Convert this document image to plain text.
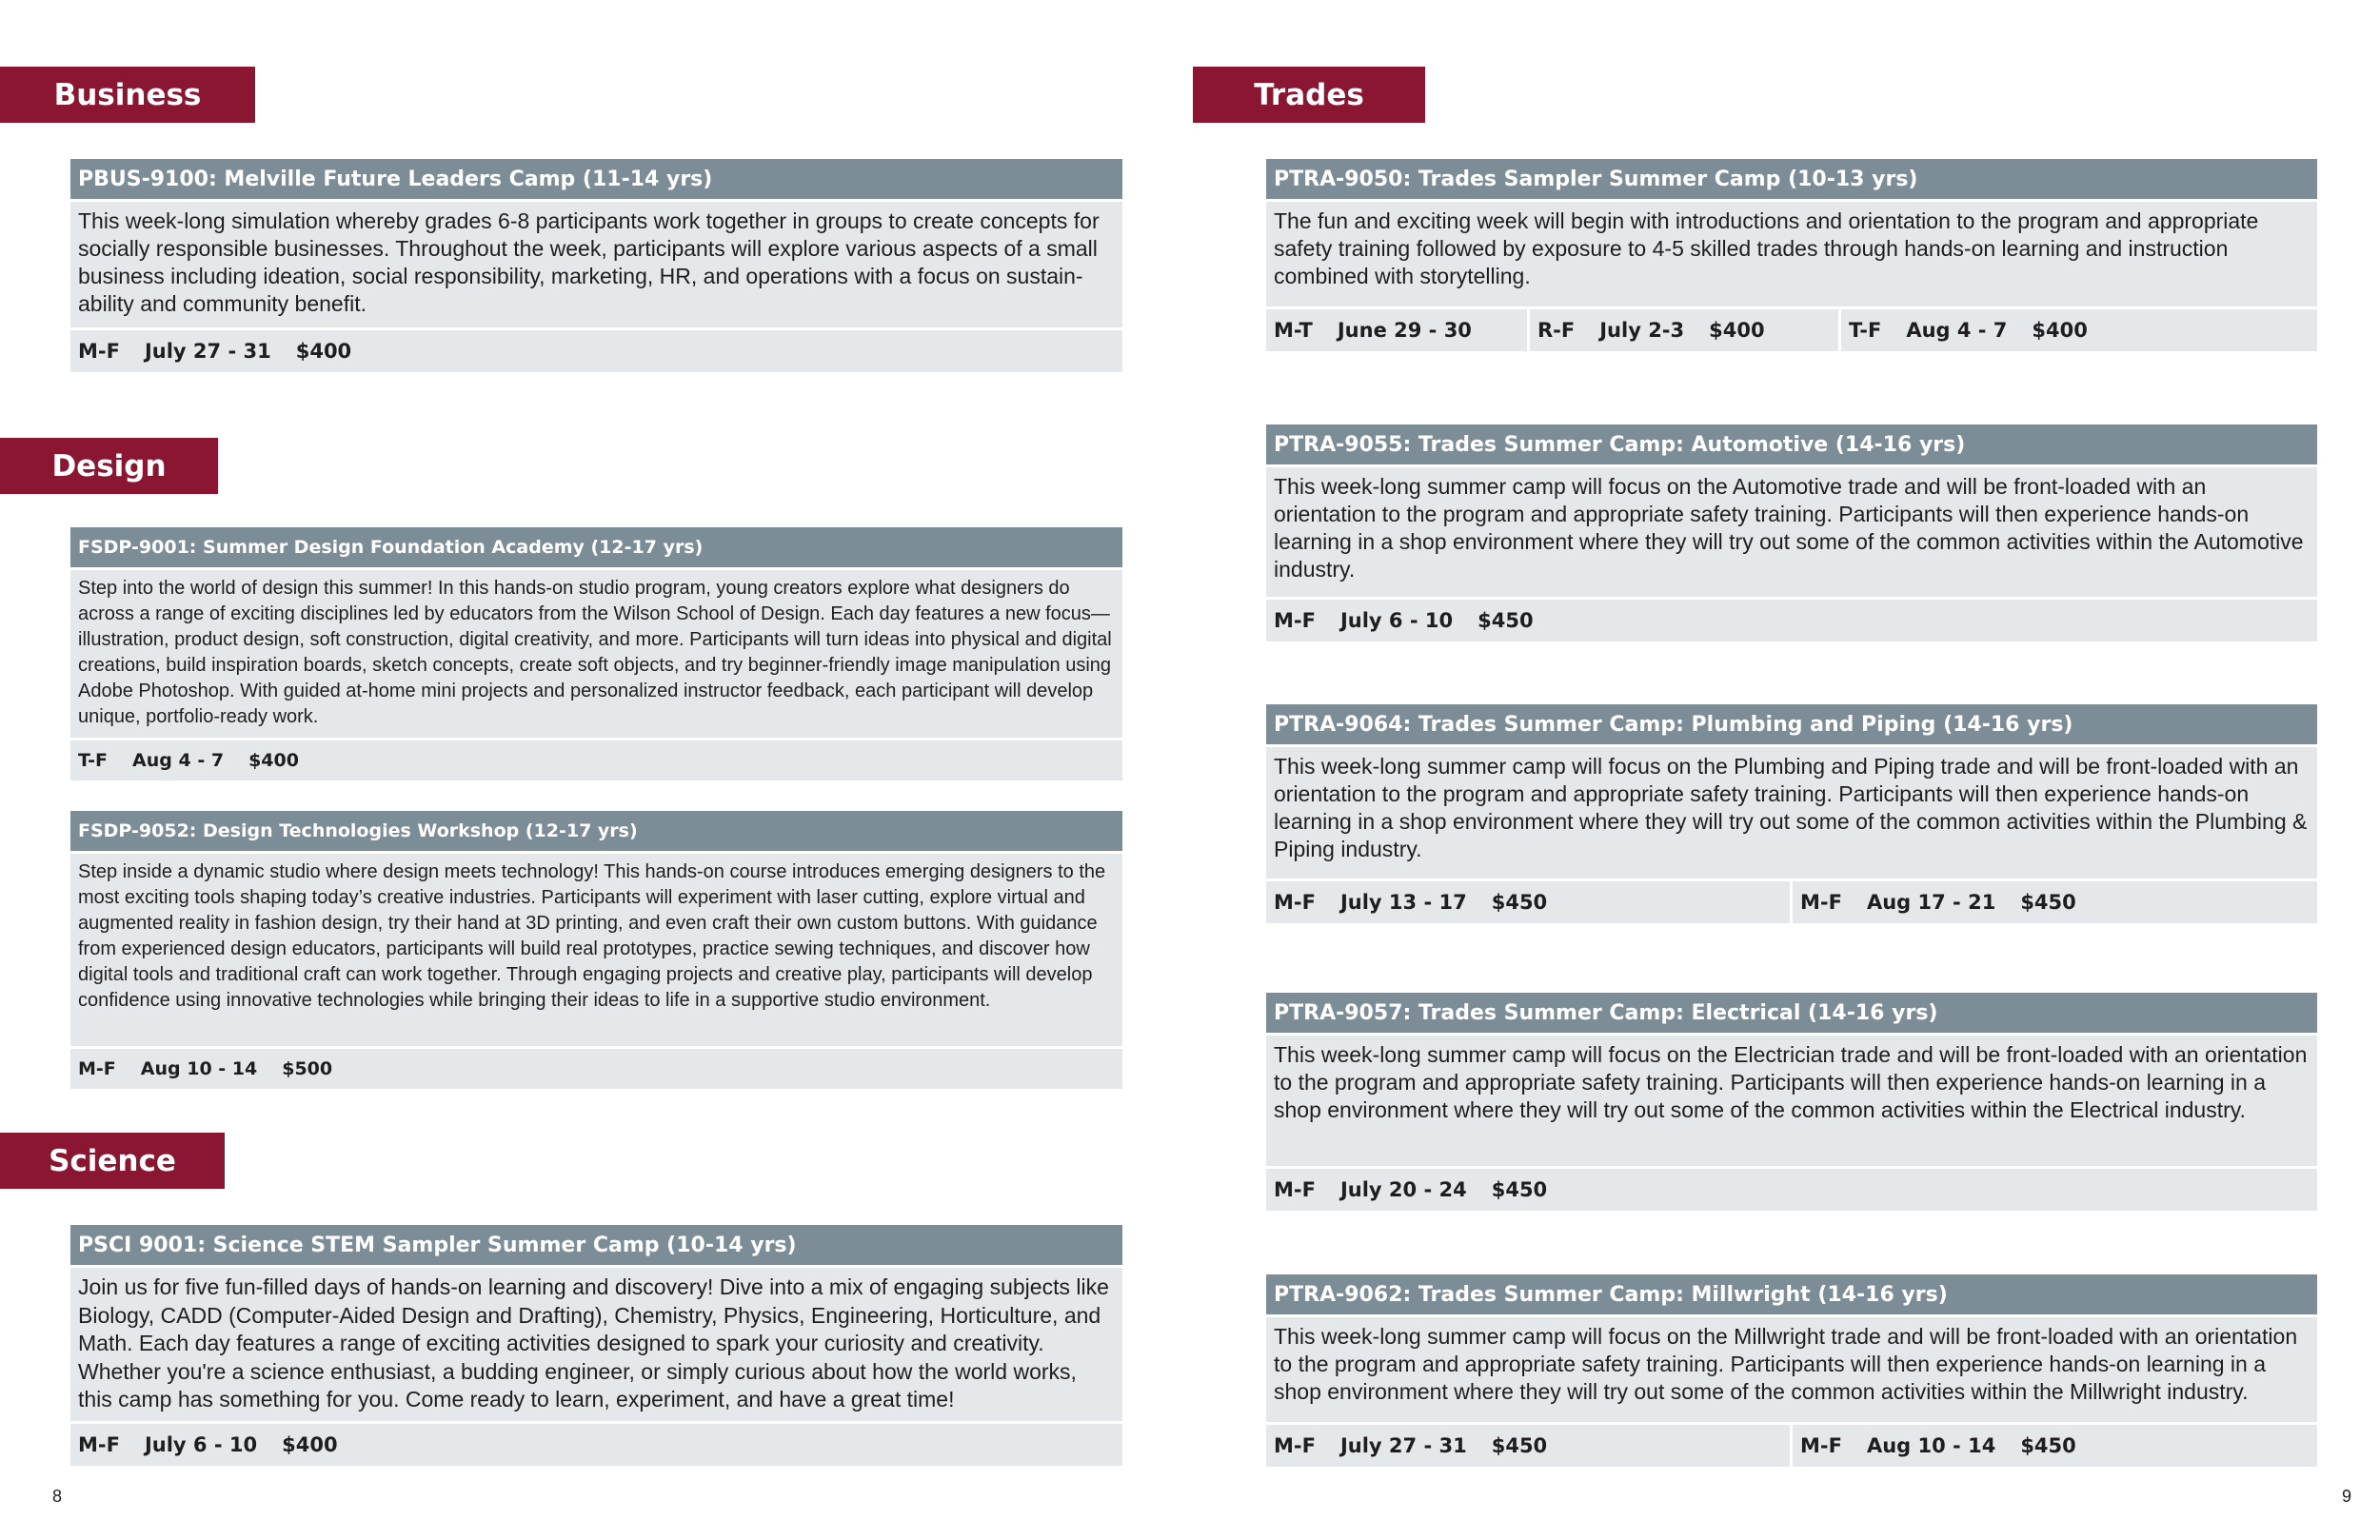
Business
Design
Science
Trades
PBUS-9100: Melville Future Leaders Camp (11-14 yrs)
This week-long simulation whereby grades 6-8 participants work together in groups to create concepts for socially responsible businesses. Throughout the week, participants will explore various aspects of a small business including ideation, social responsibility, marketing, HR, and operations with a focus on sustainability and community benefit.
M-F July 27 - 31 $400
FSDP-9001: Summer Design Foundation Academy (12-17 yrs)
Step into the world of design this summer! In this hands-on studio program, young creators explore what designers do across a range of exciting disciplines led by educators from the Wilson School of Design. Each day features a new focus—illustration, product design, soft construction, digital creativity, and more. Participants will turn ideas into physical and digital creations, build inspiration boards, sketch concepts, create soft objects, and try beginner-friendly image manipulation using Adobe Photoshop. With guided at-home mini projects and personalized instructor feedback, each participant will develop unique, portfolio-ready work.
T-F Aug 4 - 7 $400
FSDP-9052: Design Technologies Workshop (12-17 yrs)
Step inside a dynamic studio where design meets technology! This hands-on course introduces emerging designers to the most exciting tools shaping today’s creative industries. Participants will experiment with laser cutting, explore virtual and augmented reality in fashion design, try their hand at 3D printing, and even craft their own custom buttons. With guidance from experienced design educators, participants will build real prototypes, practice sewing techniques, and discover how digital tools and traditional craft can work together. Through engaging projects and creative play, participants will develop confidence using innovative technologies while bringing their ideas to life in a supportive studio environment.
M-F Aug 10 - 14 $500
PSCI 9001: Science STEM Sampler Summer Camp (10-14 yrs)
Join us for five fun-filled days of hands-on learning and discovery! Dive into a mix of engaging subjects like Biology, CADD (Computer-Aided Design and Drafting), Chemistry, Physics, Engineering, Horticulture, and Math. Each day features a range of exciting activities designed to spark your curiosity and creativity. Whether you're a science enthusiast, a budding engineer, or simply curious about how the world works, this camp has something for you. Come ready to learn, experiment, and have a great time!
M-F July 6 - 10 $400
PTRA-9050: Trades Sampler Summer Camp (10-13 yrs)
The fun and exciting week will begin with introductions and orientation to the program and appropriate safety training followed by exposure to 4-5 skilled trades through hands-on learning and instruction combined with storytelling.
M-T June 29 - 30	R-F July 2-3 $400	T-F Aug 4 - 7 $400
PTRA-9055: Trades Summer Camp: Automotive (14-16 yrs)
This week-long summer camp will focus on the Automotive trade and will be front-loaded with an orientation to the program and appropriate safety training. Participants will then experience hands-on learning in a shop environment where they will try out some of the common activities within the Automotive industry.
M-F July 6 - 10 $450
PTRA-9064: Trades Summer Camp: Plumbing and Piping (14-16 yrs)
This week-long summer camp will focus on the Plumbing and Piping trade and will be front-loaded with an orientation to the program and appropriate safety training. Participants will then experience hands-on learning in a shop environment where they will try out some of the common activities within the Plumbing & Piping industry.
M-F July 13 - 17 $450	M-F Aug 17 - 21 $450
PTRA-9057: Trades Summer Camp: Electrical (14-16 yrs)
This week-long summer camp will focus on the Electrician trade and will be front-loaded with an orientation to the program and appropriate safety training. Participants will then experience hands-on learning in a shop environment where they will try out some of the common activities within the Electrical industry.
M-F July 20 - 24 $450
PTRA-9062: Trades Summer Camp: Millwright (14-16 yrs)
This week-long summer camp will focus on the Millwright trade and will be front-loaded with an orientation to the program and appropriate safety training. Participants will then experience hands-on learning in a shop environment where they will try out some of the common activities within the Millwright industry.
M-F July 27 - 31 $450	M-F Aug 10 - 14 $450
8	9
